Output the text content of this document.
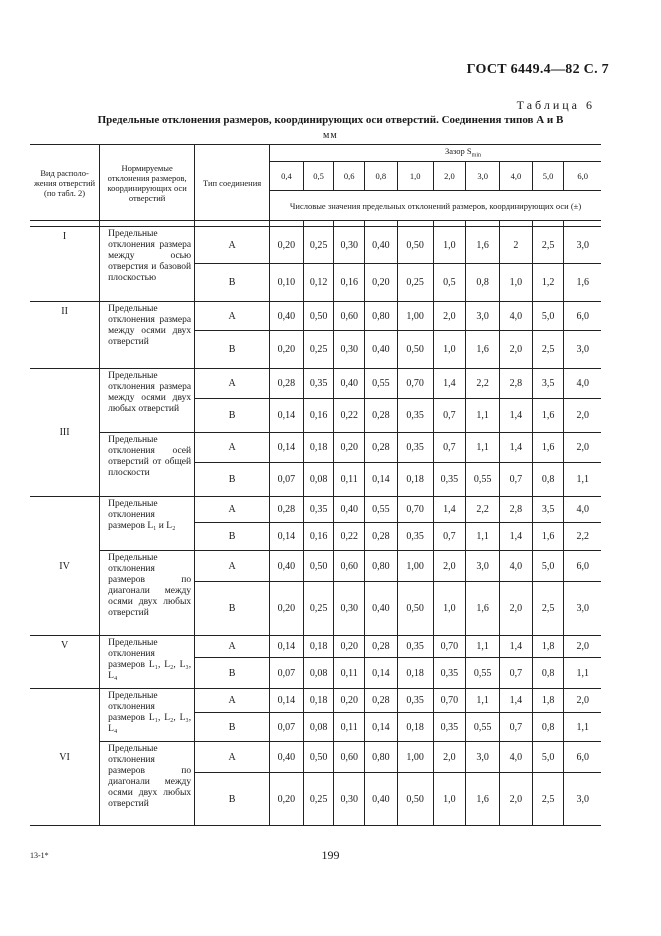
ГОСТ 6449.4—82 С. 7
Таблица 6
Предельные отклонения размеров, координирующих оси отверстий. Соединения типов А и В
мм
Вид располо-жения отверстий (по табл. 2)	Нормируемые отклонения размеров, координирующих оси отверстий	Тип соединения	Зазор $S_{min}$
			0,4	0,5	0,6	0,8	1,0	2,0	3,0	4,0	5,0	6,0
			Числовые значения предельных отклонений размеров, координирующих оси (±)									

I	Предельные отклонения размера между осью отверстия и базовой плоскостью	А	0,20	0,25	0,30	0,40	0,50	1,0	1,6	2	2,5	3,0
		В	0,10	0,12	0,16	0,20	0,25	0,5	0,8	1,0	1,2	1,6
II	Предельные отклонения размера между осями двух отверстий	А	0,40	0,50	0,60	0,80	1,00	2,0	3,0	4,0	5,0	6,0
		В	0,20	0,25	0,30	0,40	0,50	1,0	1,6	2,0	2,5	3,0
III	Предельные отклонения размера между осями двух любых отверстий	А	0,28	0,35	0,40	0,55	0,70	1,4	2,2	2,8	3,5	4,0
		В	0,14	0,16	0,22	0,28	0,35	0,7	1,1	1,4	1,6	2,0
	Предельные отклонения осей отверстий от общей плоскости	А	0,14	0,18	0,20	0,28	0,35	0,7	1,1	1,4	1,6	2,0
		В	0,07	0,08	0,11	0,14	0,18	0,35	0,55	0,7	0,8	1,1
IV	Предельные отклонения размеров L₁ и L₂	А	0,28	0,35	0,40	0,55	0,70	1,4	2,2	2,8	3,5	4,0
		В	0,14	0,16	0,22	0,28	0,35	0,7	1,1	1,4	1,6	2,2
	Предельные отклонения размеров по диагонали между осями двух любых отверстий	А	0,40	0,50	0,60	0,80	1,00	2,0	3,0	4,0	5,0	6,0
		В	0,20	0,25	0,30	0,40	0,50	1,0	1,6	2,0	2,5	3,0
V	Предельные отклонения размеров L₁, L₂, L₃, L₄	А	0,14	0,18	0,20	0,28	0,35	0,70	1,1	1,4	1,8	2,0
		В	0,07	0,08	0,11	0,14	0,18	0,35	0,55	0,7	0,8	1,1
VI	Предельные отклонения размеров L₁, L₂, L₃, L₄	А	0,14	0,18	0,20	0,28	0,35	0,70	1,1	1,4	1,8	2,0
		В	0,07	0,08	0,11	0,14	0,18	0,35	0,55	0,7	0,8	1,1
	Предельные отклонения размеров по диагонали между осями двух любых отверстий	А	0,40	0,50	0,60	0,80	1,00	2,0	3,0	4,0	5,0	6,0
		В	0,20	0,25	0,30	0,40	0,50	1,0	1,6	2,0	2,5	3,0
199
13-1*
